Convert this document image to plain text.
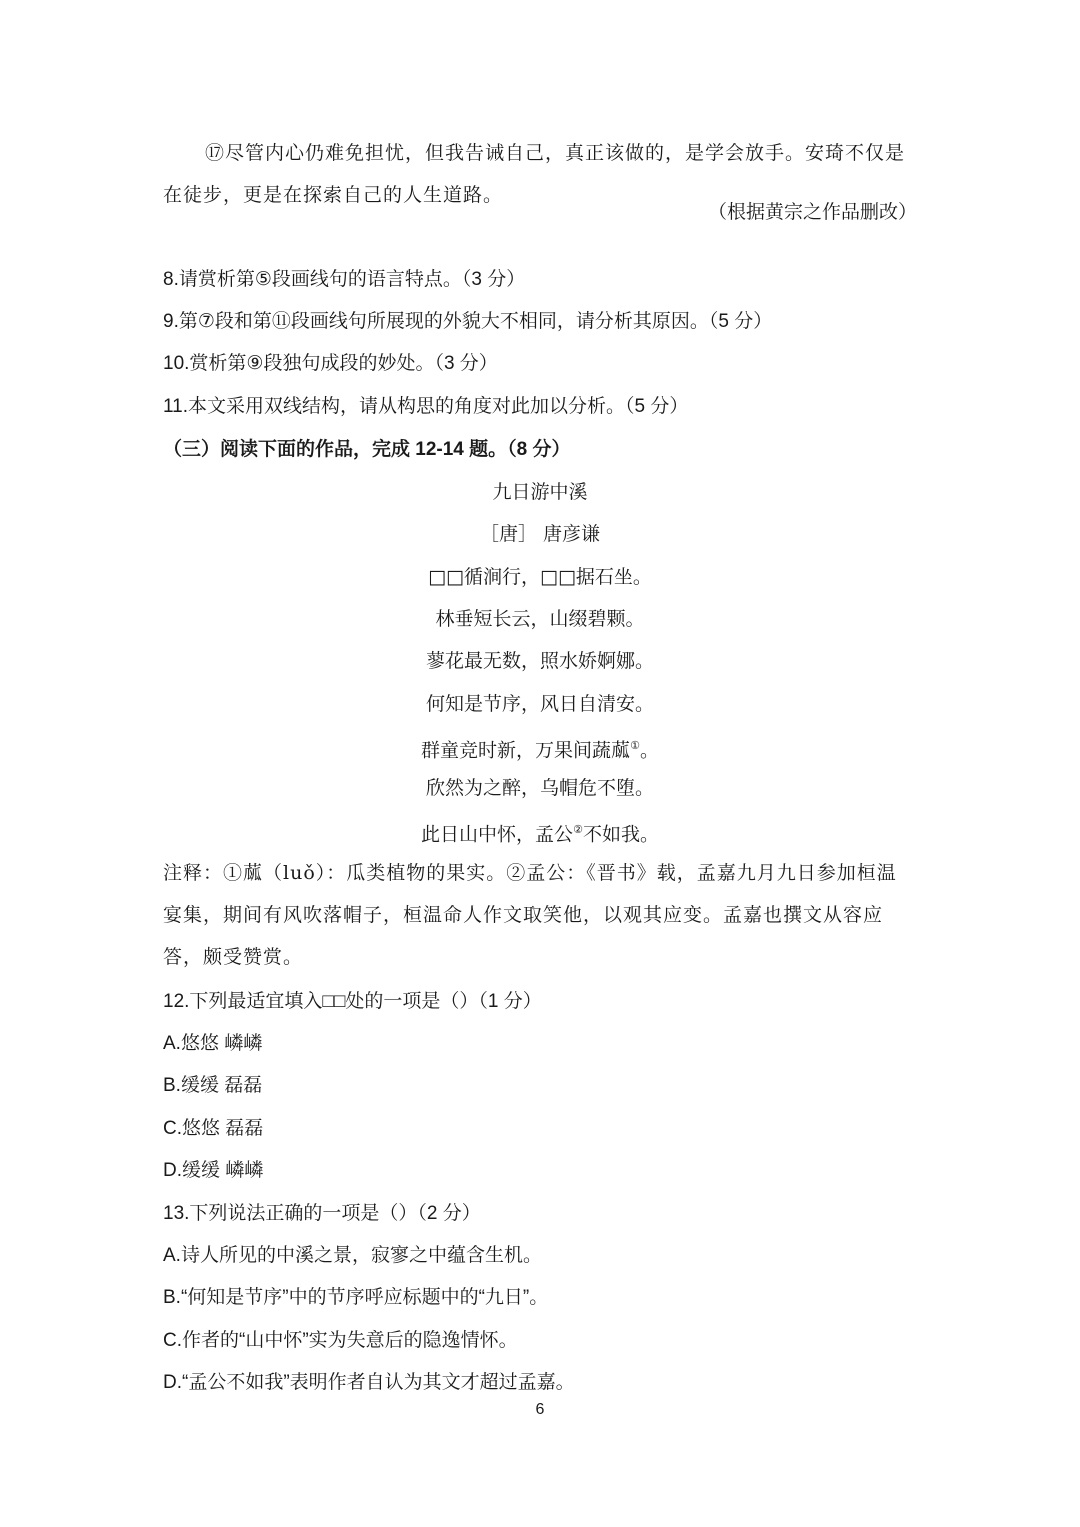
⑰尽管内心仍难免担忧，但我告诫自己，真正该做的，是学会放手。安琦不仅是在徒步，更是在探索自己的人生道路。
（根据黄宗之作品删改）
8.请赏析第⑤段画线句的语言特点。（3 分）
9.第⑦段和第⑪段画线句所展现的外貌大不相同，请分析其原因。（5 分）
10.赏析第⑨段独句成段的妙处。（3 分）
11.本文采用双线结构，请从构思的角度对此加以分析。（5 分）
（三）阅读下面的作品，完成 12-14 题。（8 分）
九日游中溪
［唐］ 唐彦谦
□□循涧行，□□据石坐。
林垂短长云，山缀碧颗。
蓼花最无数，照水娇婀娜。
何知是节序，风日自清安。
群童竞时新，万果间蔬蓏①。
欣然为之醉，乌帽危不堕。
此日山中怀，孟公②不如我。
注释：①蓏（luǒ）：瓜类植物的果实。②孟公：《晋书》载，孟嘉九月九日参加桓温宴集，期间有风吹落帽子，桓温命人作文取笑他，以观其应变。孟嘉也撰文从容应答，颇受赞赏。
12.下列最适宜填入□□处的一项是（）（1 分）
A.悠悠 嶙嶙
B.缓缓 磊磊
C.悠悠 磊磊
D.缓缓 嶙嶙
13.下列说法正确的一项是（）（2 分）
A.诗人所见的中溪之景，寂寥之中蕴含生机。
B.“何知是节序”中的节序呼应标题中的“九日”。
C.作者的“山中怀”实为失意后的隐逸情怀。
D.“孟公不如我”表明作者自认为其文才超过孟嘉。
6
